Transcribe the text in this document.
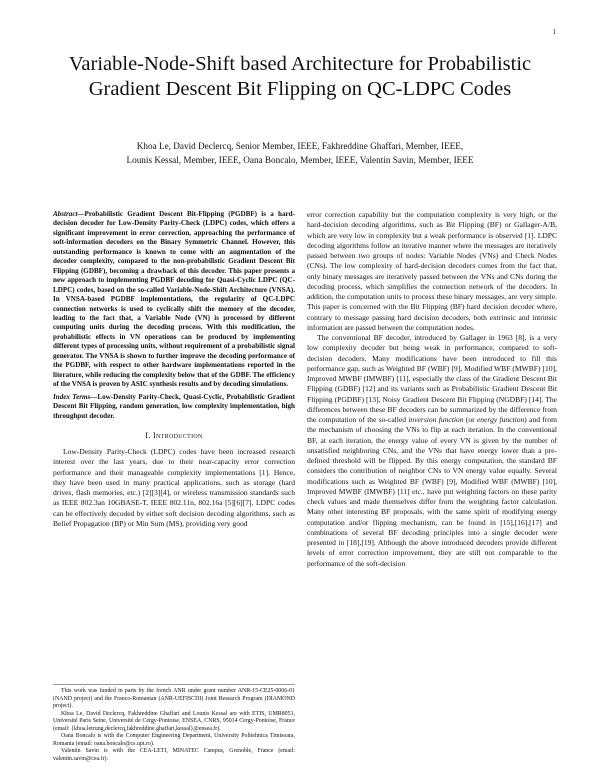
1
Variable-Node-Shift based Architecture for Probabilistic Gradient Descent Bit Flipping on QC-LDPC Codes
Khoa Le, David Declercq, Senior Member, IEEE, Fakhreddine Ghaffari, Member, IEEE,
Lounis Kessal, Member, IEEE, Oana Boncalo, Member, IEEE, Valentin Savin, Member, IEEE

Abstract—Probabilistic Gradient Descent Bit-Flipping (PGDBF) is a hard-decision decoder for Low-Density Parity-Check (LDPC) codes, which offers a significant improvement in error correction, approaching the performance of soft-information decoders on the Binary Symmetric Channel. However, this outstanding performance is known to come with an augmentation of the decoder complexity, compared to the non-probabilistic Gradient Descent Bit Flipping (GDBF), becoming a drawback of this decoder. This paper presents a new approach to implementing PGDBF decoding for Quasi-Cyclic LDPC (QC-LDPC) codes, based on the so-called Variable-Node-Shift Architecture (VNSA). In VNSA-based PGDBF implementations, the regularity of QC-LDPC connection networks is used to cyclically shift the memory of the decoder, leading to the fact that, a Variable Node (VN) is processed by different computing units during the decoding process. With this modification, the probabilistic effects in VN operations can be produced by implementing different types of processing units, without requirement of a probabilistic signal generator. The VNSA is shown to further improve the decoding performance of the PGDBF, with respect to other hardware implementations reported in the literature, while reducing the complexity below that of the GDBF. The efficiency of the VNSA is proven by ASIC synthesis results and by decoding simulations.

Index Terms—Low-Density Parity-Check, Quasi-Cyclic, Probabilistic Gradient Descent Bit Flipping, random generation, low complexity implementation, high throughput decoder.

I. Introduction

Low-Density Parity-Check (LDPC) codes have been increased research interest over the last years, due to their near-capacity error correction performance and their manageable complexity implementations [1]. Hence, they have been used in many practical applications, such as storage (hard drives, flash memories, etc.) [2][3][4], or wireless transmission standards such as IEEE 802.3an 10GBASE-T, IEEE 802.11n, 802.16a [5][6][7]. LDPC codes can be effectively decoded by either soft decision decoding algorithms, such as Belief Propagation (BP) or Min Sum (MS), providing very good

This work was funded in parts by the french ANR under grant number ANR-15-CE25-0006-01 (NAND project) and the Franco-Romanian (ANR-UEFISCDI) Joint Research Program (DIAMOND project).

Khoa Le, David Declercq, Fakhreddine Ghaffari and Lounis Kessal are with ETIS, UMR8051, Université Paris Seine, Université de Cergy-Pontoise, ENSEA, CNRS, 95014 Cergy-Pontoise, France (email: {khoa.letrung,declercq,fakhreddine.ghaffari,kessal}@ensea.fr).

Oana Boncalo is with the Computer Engineering Department, University Politehnica Timisoara, Romania (email: oana.boncalo@cs.upt.ro).

Valentin Savin is with the CEA-LETI, MINATEC Campus, Grenoble, France (email: valentin.savin@cea.fr).

error correction capability but the computation complexity is very high, or the hard-decision decoding algorithms, such as Bit Flipping (BF) or Gallager-A/B, which are very low in complexity but a weak performance is observed [1]. LDPC decoding algorithms follow an iterative manner where the messages are iteratively passed between two groups of nodes: Variable Nodes (VNs) and Check Nodes (CNs). The low complexity of hard-decision decoders comes from the fact that, only binary messages are iteratively passed between the VNs and CNs during the decoding process, which simplifies the connection network of the decoders. In addition, the computation units to process these binary messages, are very simple. This paper is concerned with the Bit Flipping (BF) hard decision decoder where, contrary to message passing hard decision decoders, both extrinsic and intrinsic information are passed between the computation nodes.

The conventional BF decoder, introduced by Gallager in 1963 [8], is a very low complexity decoder but being weak in performance, compared to soft-decision decoders. Many modifications have been introduced to fill this performance gap, such as Weighted BF (WBF) [9], Modified WBF (MWBF) [10], Improved MWBF (IMWBF) [11], especially the class of the Gradient Descent Bit Flipping (GDBF) [12] and its variants such as Probabilistic Gradient Descent Bit Flipping (PGDBF) [13], Noisy Gradient Descent Bit Flipping (NGDBF) [14]. The differences between these BF decoders can be summarized by the difference from the computation of the so-called inversion function (or energy function) and from the mechanism of choosing the VNs to flip at each iteration. In the conventional BF, at each iteration, the energy value of every VN is given by the number of unsatisfied neighboring CNs, and the VNs that have energy lower than a pre-defined threshold will be flipped. By this energy computation, the standard BF considers the contribution of neighbor CNs to VN energy value equally. Several modifications such as Weighted BF (WBF) [9], Modified WBF (MWBF) [10], Improved MWBF (IMWBF) [11] etc., have put weighting factors on these parity check values and made themselves differ from the weighting factor calculation. Many other interesting BF proposals, with the same spirit of modifying energy computation and/or flipping mechanism, can be found in [15],[16],[17] and combinations of several BF decoding principles into a single decoder were presented in [18],[19]. Although the above introduced decoders provide different levels of error correction improvement, they are still not comparable to the performance of the soft-decision
